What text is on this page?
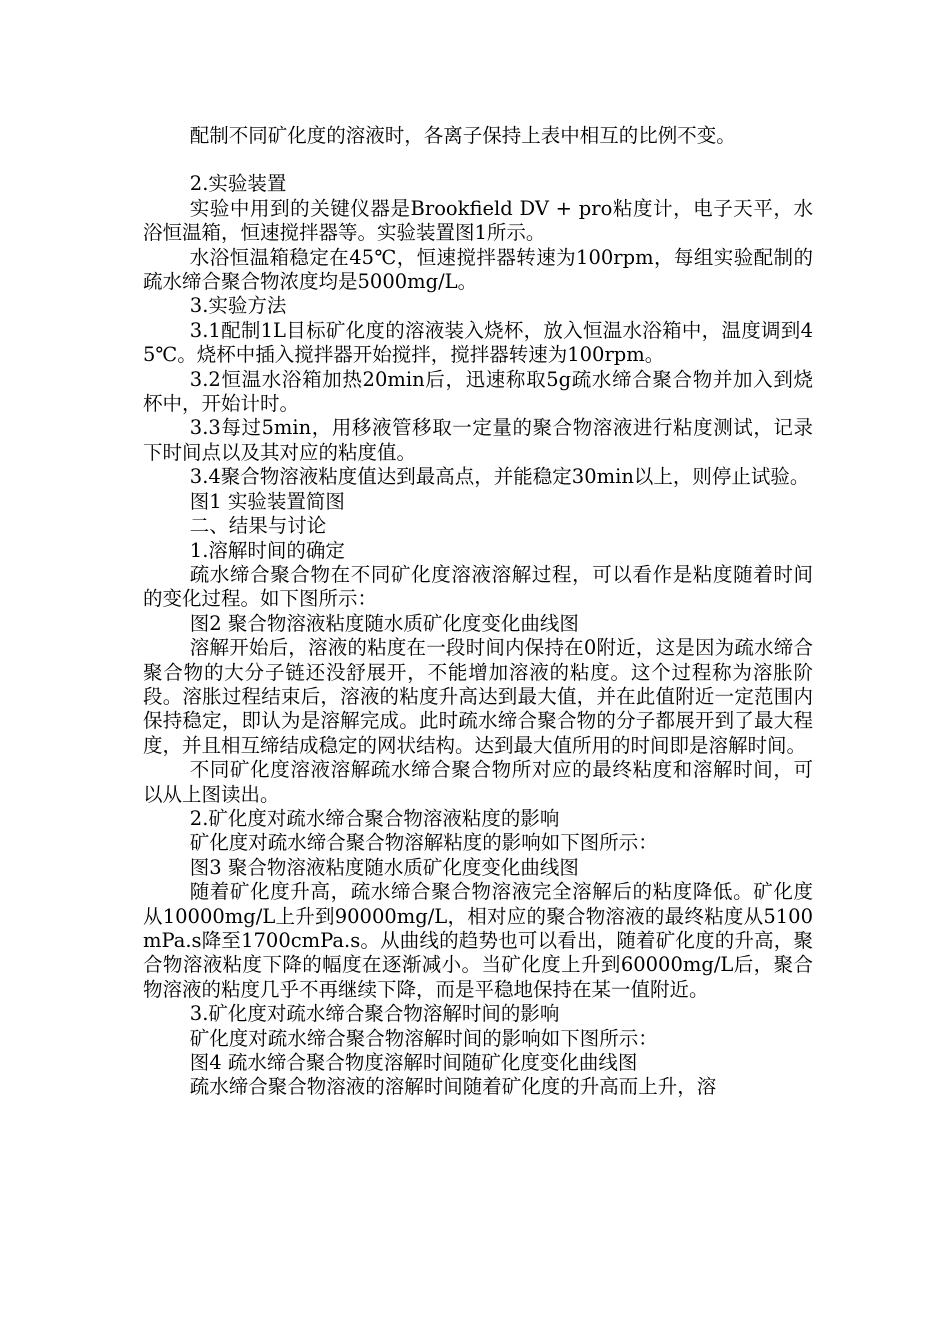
配制不同矿化度的溶液时，各离子保持上表中相互的比例不变。

2.实验装置

实验中用到的关键仪器是Brookfield DV + pro粘度计，电子天平，水浴恒温箱，恒速搅拌器等。实验装置图1所示。

水浴恒温箱稳定在45℃，恒速搅拌器转速为100rpm，每组实验配制的疏水缔合聚合物浓度均是5000mg/L。

3.实验方法

3.1配制1L目标矿化度的溶液装入烧杯，放入恒温水浴箱中，温度调到45℃。烧杯中插入搅拌器开始搅拌，搅拌器转速为100rpm。

3.2恒温水浴箱加热20min后，迅速称取5g疏水缔合聚合物并加入到烧杯中，开始计时。

3.3每过5min，用移液管移取一定量的聚合物溶液进行粘度测试，记录下时间点以及其对应的粘度值。

3.4聚合物溶液粘度值达到最高点，并能稳定30min以上，则停止试验。

图1 实验装置简图

二、结果与讨论

1.溶解时间的确定

疏水缔合聚合物在不同矿化度溶液溶解过程，可以看作是粘度随着时间的变化过程。如下图所示：

图2 聚合物溶液粘度随水质矿化度变化曲线图

溶解开始后，溶液的粘度在一段时间内保持在0附近，这是因为疏水缔合聚合物的大分子链还没舒展开，不能增加溶液的粘度。这个过程称为溶胀阶段。溶胀过程结束后，溶液的粘度升高达到最大值，并在此值附近一定范围内保持稳定，即认为是溶解完成。此时疏水缔合聚合物的分子都展开到了最大程度，并且相互缔结成稳定的网状结构。达到最大值所用的时间即是溶解时间。

不同矿化度溶液溶解疏水缔合聚合物所对应的最终粘度和溶解时间，可以从上图读出。

2.矿化度对疏水缔合聚合物溶液粘度的影响

矿化度对疏水缔合聚合物溶解粘度的影响如下图所示：

图3 聚合物溶液粘度随水质矿化度变化曲线图

随着矿化度升高，疏水缔合聚合物溶液完全溶解后的粘度降低。矿化度从10000mg/L上升到90000mg/L，相对应的聚合物溶液的最终粘度从5100mPa.s降至1700cmPa.s。从曲线的趋势也可以看出，随着矿化度的升高，聚合物溶液粘度下降的幅度在逐渐减小。当矿化度上升到60000mg/L后，聚合物溶液的粘度几乎不再继续下降，而是平稳地保持在某一值附近。

3.矿化度对疏水缔合聚合物溶解时间的影响

矿化度对疏水缔合聚合物溶解时间的影响如下图所示：

图4 疏水缔合聚合物度溶解时间随矿化度变化曲线图

疏水缔合聚合物溶液的溶解时间随着矿化度的升高而上升，溶
